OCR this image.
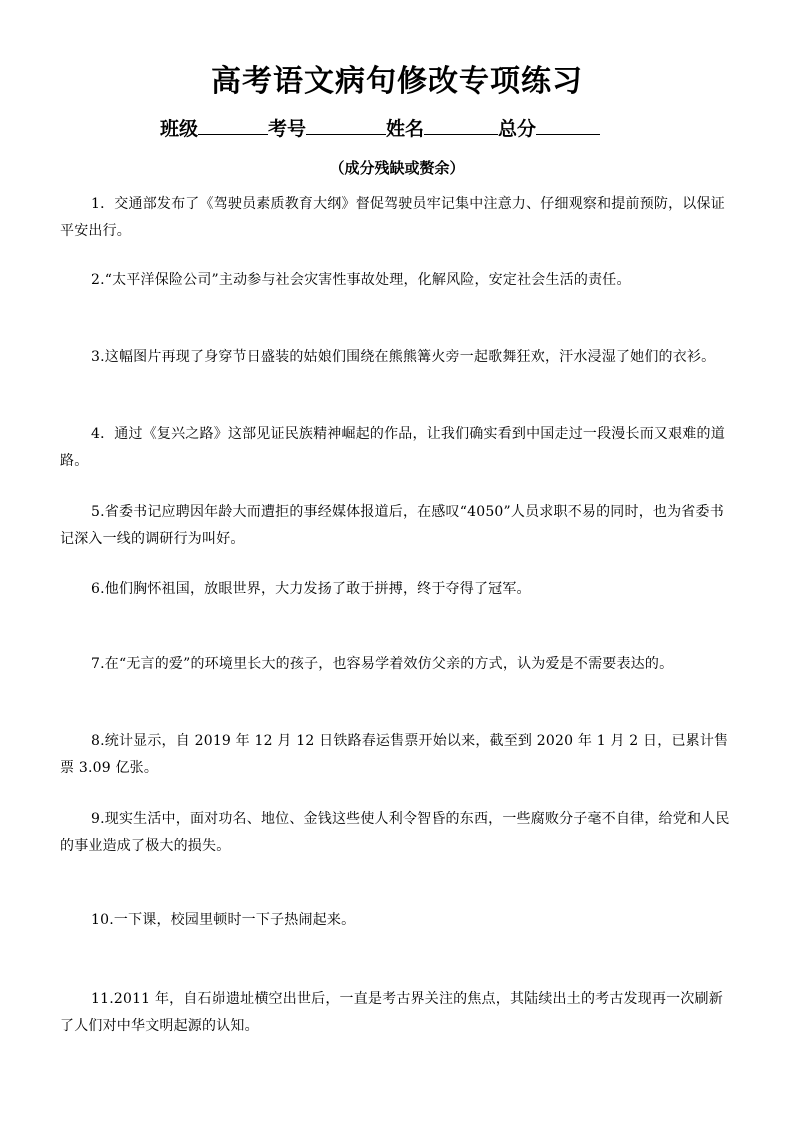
高考语文病句修改专项练习
班级	考号	姓名	总分
（成分残缺或赘余）
1．交通部发布了《驾驶员素质教育大纲》督促驾驶员牢记集中注意力、仔细观察和提前预防，以保证平安出行。
2.“太平洋保险公司”主动参与社会灾害性事故处理，化解风险，安定社会生活的责任。
3.这幅图片再现了身穿节日盛装的姑娘们围绕在熊熊篝火旁一起歌舞狂欢，汗水浸湿了她们的衣衫。
4．通过《复兴之路》这部见证民族精神崛起的作品，让我们确实看到中国走过一段漫长而又艰难的道路。
5.省委书记应聘因年龄大而遭拒的事经媒体报道后，在感叹“4050”人员求职不易的同时，也为省委书记深入一线的调研行为叫好。
6.他们胸怀祖国，放眼世界，大力发扬了敢于拼搏，终于夺得了冠军。
7.在“无言的爱”的环境里长大的孩子，也容易学着效仿父亲的方式，认为爱是不需要表达的。
8.统计显示，自 2019 年 12 月 12 日铁路春运售票开始以来，截至到 2020 年 1 月 2 日，已累计售票 3.09 亿张。
9.现实生活中，面对功名、地位、金钱这些使人利令智昏的东西，一些腐败分子毫不自律，给党和人民的事业造成了极大的损失。
10.一下课，校园里顿时一下子热闹起来。
11.2011 年，自石峁遗址横空出世后，一直是考古界关注的焦点，其陆续出土的考古发现再一次刷新了人们对中华文明起源的认知。
